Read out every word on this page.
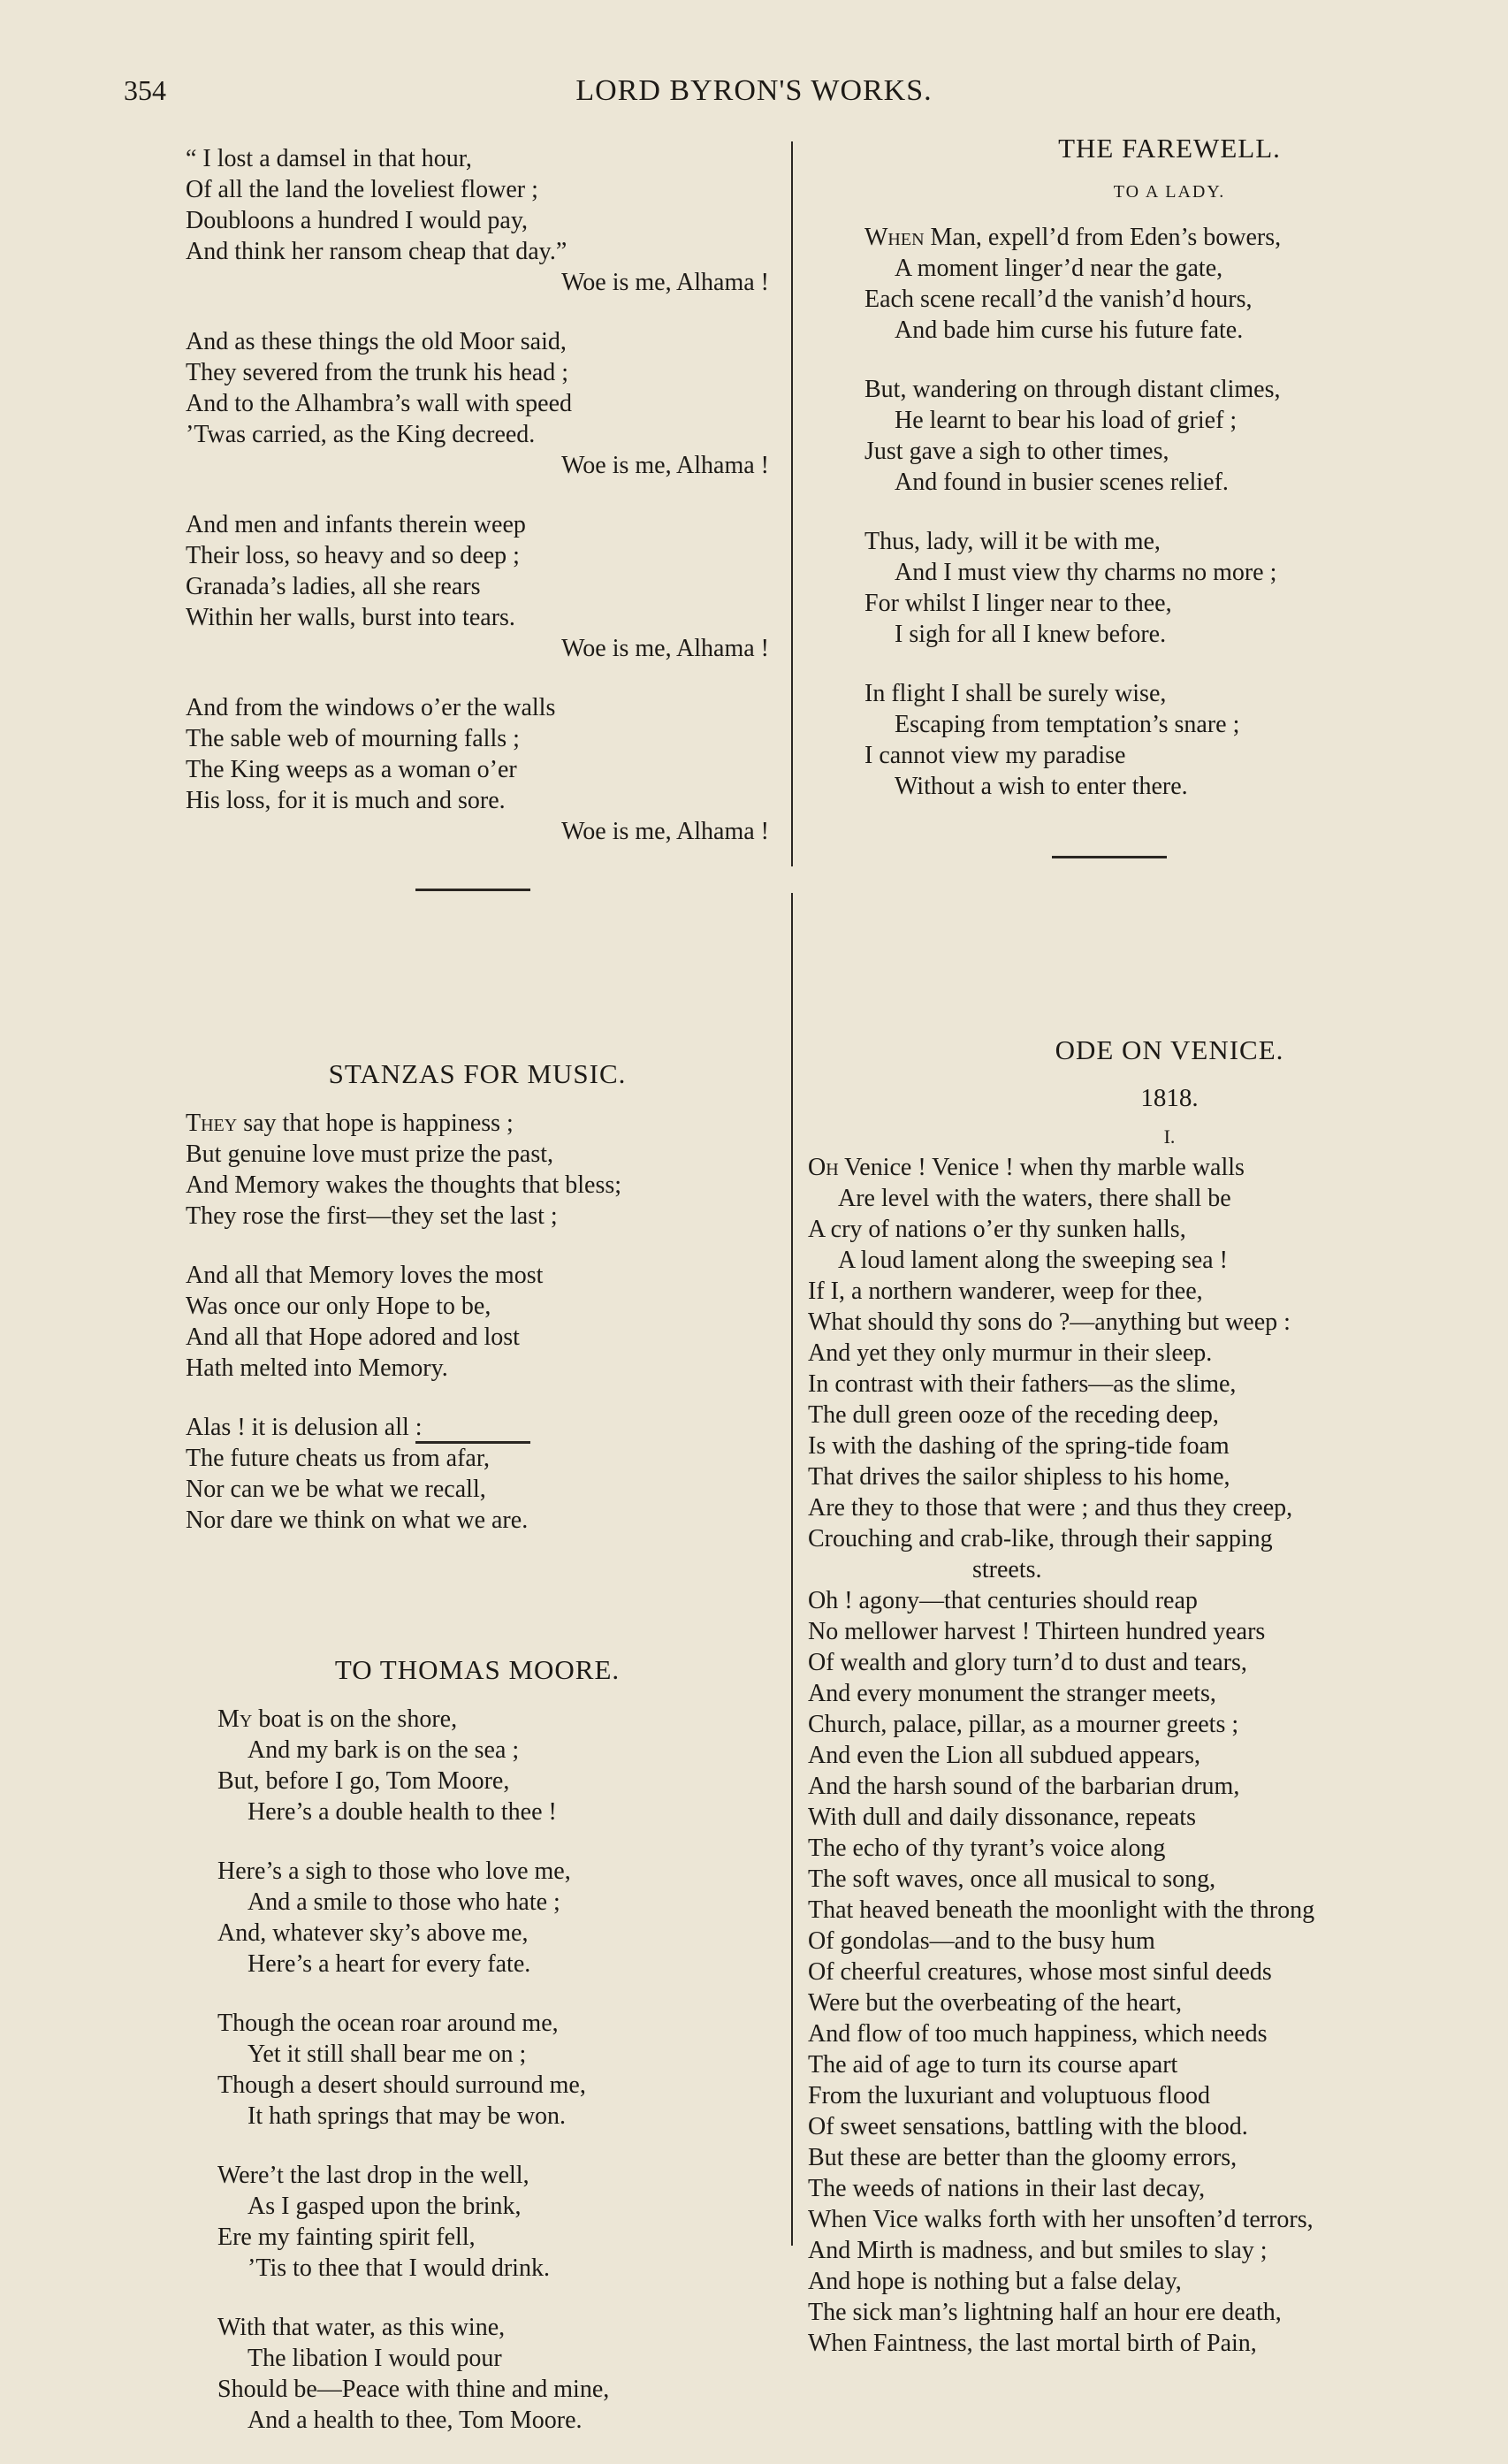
354	LORD BYRON'S WORKS.
“ I lost a damsel in that hour,
Of all the land the loveliest flower ;
Doubloons a hundred I would pay,
And think her ransom cheap that day.”
Woe is me, Alhama !
And as these things the old Moor said,
They severed from the trunk his head ;
And to the Alhambra’s wall with speed
’Twas carried, as the King decreed.
Woe is me, Alhama !
And men and infants therein weep
Their loss, so heavy and so deep ;
Granada’s ladies, all she rears
Within her walls, burst into tears.
Woe is me, Alhama !
And from the windows o’er the walls
The sable web of mourning falls ;
The King weeps as a woman o’er
His loss, for it is much and sore.
Woe is me, Alhama !
STANZAS FOR MUSIC.
They say that hope is happiness ;
But genuine love must prize the past,
And Memory wakes the thoughts that bless;
They rose the first—they set the last ;
And all that Memory loves the most
Was once our only Hope to be,
And all that Hope adored and lost
Hath melted into Memory.
Alas ! it is delusion all :
The future cheats us from afar,
Nor can we be what we recall,
Nor dare we think on what we are.
TO THOMAS MOORE.
My boat is on the shore,
And my bark is on the sea ;
But, before I go, Tom Moore,
Here’s a double health to thee !
Here’s a sigh to those who love me,
And a smile to those who hate ;
And, whatever sky’s above me,
Here’s a heart for every fate.
Though the ocean roar around me,
Yet it still shall bear me on ;
Though a desert should surround me,
It hath springs that may be won.
Were’t the last drop in the well,
As I gasped upon the brink,
Ere my fainting spirit fell,
’Tis to thee that I would drink.
With that water, as this wine,
The libation I would pour
Should be—Peace with thine and mine,
And a health to thee, Tom Moore.
THE FAREWELL.
TO A LADY.
When Man, expell’d from Eden’s bowers,
A moment linger’d near the gate,
Each scene recall’d the vanish’d hours,
And bade him curse his future fate.
But, wandering on through distant climes,
He learnt to bear his load of grief ;
Just gave a sigh to other times,
And found in busier scenes relief.
Thus, lady, will it be with me,
And I must view thy charms no more ;
For whilst I linger near to thee,
I sigh for all I knew before.
In flight I shall be surely wise,
Escaping from temptation’s snare ;
I cannot view my paradise
Without a wish to enter there.
ODE ON VENICE.
1818.
I.
Oh Venice ! Venice ! when thy marble walls
Are level with the waters, there shall be
A cry of nations o’er thy sunken halls,
A loud lament along the sweeping sea !
If I, a northern wanderer, weep for thee,
What should thy sons do ?—anything but weep :
And yet they only murmur in their sleep.
In contrast with their fathers—as the slime,
The dull green ooze of the receding deep,
Is with the dashing of the spring-tide foam
That drives the sailor shipless to his home,
Are they to those that were ; and thus they creep,
Crouching and crab-like, through their sapping
streets.
Oh ! agony—that centuries should reap
No mellower harvest ! Thirteen hundred years
Of wealth and glory turn’d to dust and tears,
And every monument the stranger meets,
Church, palace, pillar, as a mourner greets ;
And even the Lion all subdued appears,
And the harsh sound of the barbarian drum,
With dull and daily dissonance, repeats
The echo of thy tyrant’s voice along
The soft waves, once all musical to song,
That heaved beneath the moonlight with the throng
Of gondolas—and to the busy hum
Of cheerful creatures, whose most sinful deeds
Were but the overbeating of the heart,
And flow of too much happiness, which needs
The aid of age to turn its course apart
From the luxuriant and voluptuous flood
Of sweet sensations, battling with the blood.
But these are better than the gloomy errors,
The weeds of nations in their last decay,
When Vice walks forth with her unsoften’d terrors,
And Mirth is madness, and but smiles to slay ;
And hope is nothing but a false delay,
The sick man’s lightning half an hour ere death,
When Faintness, the last mortal birth of Pain,
